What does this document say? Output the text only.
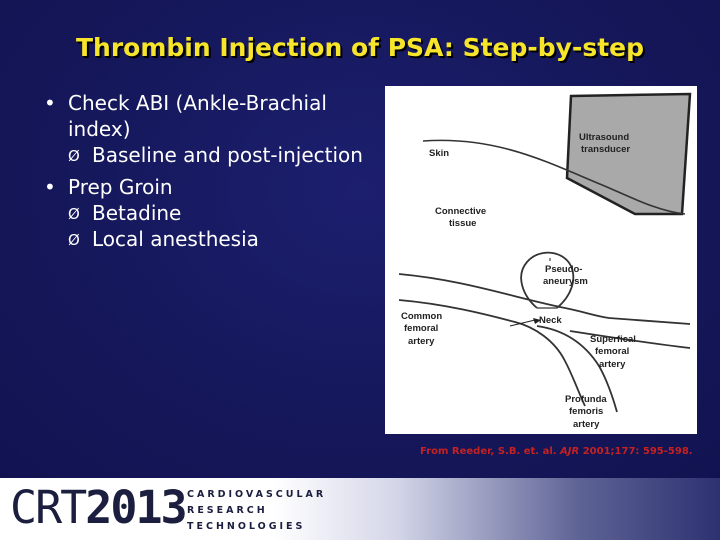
Thrombin Injection of PSA: Step-by-step
• Check ABI (Ankle-Brachial index)
Ø Baseline and post-injection
• Prep Groin
Ø Betadine
Ø Local anesthesia
Ultrasound
transducer
Skin
Connective
tissue
Pseudo-
aneurysm
Neck
Common
femoral
artery	Superfical
femoral
artery
Profunda
femoris
artery
From Reeder, S.B. et. al. AJR 2001;177: 595-598.
CRT2013 CARDIOVASCULAR
RESEARCH
TECHNOLOGIES
